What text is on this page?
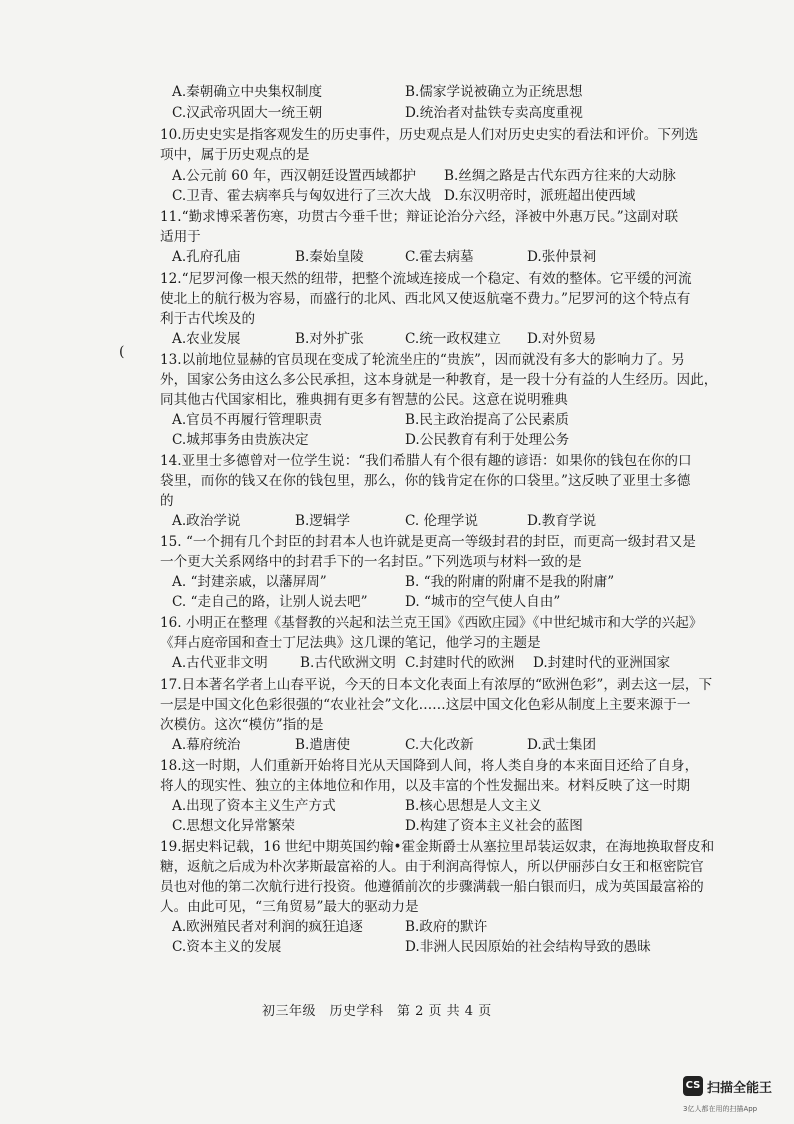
A.秦朝确立中央集权制度	B.儒家学说被确立为正统思想
C.汉武帝巩固大一统王朝	D.统治者对盐铁专卖高度重视
10.历史史实是指客观发生的历史事件，历史观点是人们对历史史实的看法和评价。下列选
项中，属于历史观点的是
A.公元前 60 年，西汉朝廷设置西域都护 B.丝绸之路是古代东西方往来的大动脉
C.卫青、霍去病率兵与匈奴进行了三次大战 D.东汉明帝时，派班超出使西域
11.“勤求博采著伤寒，功贯古今垂千世；辩证论治分六经，泽被中外惠万民。”这副对联
适用于
A.孔府孔庙	B.秦始皇陵	C.霍去病墓	D.张仲景祠
12.“尼罗河像一根天然的纽带，把整个流域连接成一个稳定、有效的整体。它平缓的河流
使北上的航行极为容易，而盛行的北风、西北风又使返航毫不费力。”尼罗河的这个特点有
利于古代埃及的
A.农业发展	B.对外扩张	C.统一政权建立 D.对外贸易
(	13.以前地位显赫的官员现在变成了轮流坐庄的“贵族”，因而就没有多大的影响力了。另
外，国家公务由这么多公民承担，这本身就是一种教育，是一段十分有益的人生经历。因此，
同其他古代国家相比，雅典拥有更多有智慧的公民。这意在说明雅典
A.官员不再履行管理职责	B.民主政治提高了公民素质
C.城邦事务由贵族决定	D.公民教育有利于处理公务
14.亚里士多德曾对一位学生说：“我们希腊人有个很有趣的谚语：如果你的钱包在你的口
袋里，而你的钱又在你的钱包里，那么，你的钱肯定在你的口袋里。”这反映了亚里士多德
的
A.政治学说	B.逻辑学	C. 伦理学说	D.教育学说
15. “一个拥有几个封臣的封君本人也许就是更高一等级封君的封臣，而更高一级封君又是
一个更大关系网络中的封君手下的一名封臣。”下列选项与材料一致的是
A. “封建亲戚，以藩屏周”	B. “我的附庸的附庸不是我的附庸”
C. “走自己的路，让别人说去吧”	D. “城市的空气使人自由”
16. 小明正在整理《基督教的兴起和法兰克王国》《西欧庄园》《中世纪城市和大学的兴起》
《拜占庭帝国和查士丁尼法典》这几课的笔记，他学习的主题是
A.古代亚非文明 B.古代欧洲文明 C.封建时代的欧洲 D.封建时代的亚洲国家
17.日本著名学者上山春平说，今天的日本文化表面上有浓厚的“欧洲色彩”，剥去这一层，下
一层是中国文化色彩很强的“农业社会”文化……这层中国文化色彩从制度上主要来源于一
次模仿。这次“模仿”指的是
A.幕府统治	B.遣唐使	C.大化改新	D.武士集团
18.这一时期，人们重新开始将目光从天国降到人间，将人类自身的本来面目还给了自身，
将人的现实性、独立的主体地位和作用，以及丰富的个性发掘出来。材料反映了这一时期
A.出现了资本主义生产方式	B.核心思想是人文主义
C.思想文化异常繁荣	D.构建了资本主义社会的蓝图
19.据史料记载，16 世纪中期英国约翰•霍金斯爵士从塞拉里昂装运奴隶，在海地换取督皮和
糖，返航之后成为朴次茅斯最富裕的人。由于利润高得惊人，所以伊丽莎白女王和枢密院官
员也对他的第二次航行进行投资。他遵循前次的步骤满载一船白银而归，成为英国最富裕的
人。由此可见，“三角贸易”最大的驱动力是
A.欧洲殖民者对利润的疯狂追逐	B.政府的默许
C.资本主义的发展	D.非洲人民因原始的社会结构导致的愚昧
初三年级　历史学科　第 2 页 共 4 页
CS 扫描全能王
3亿人都在用的扫描App
